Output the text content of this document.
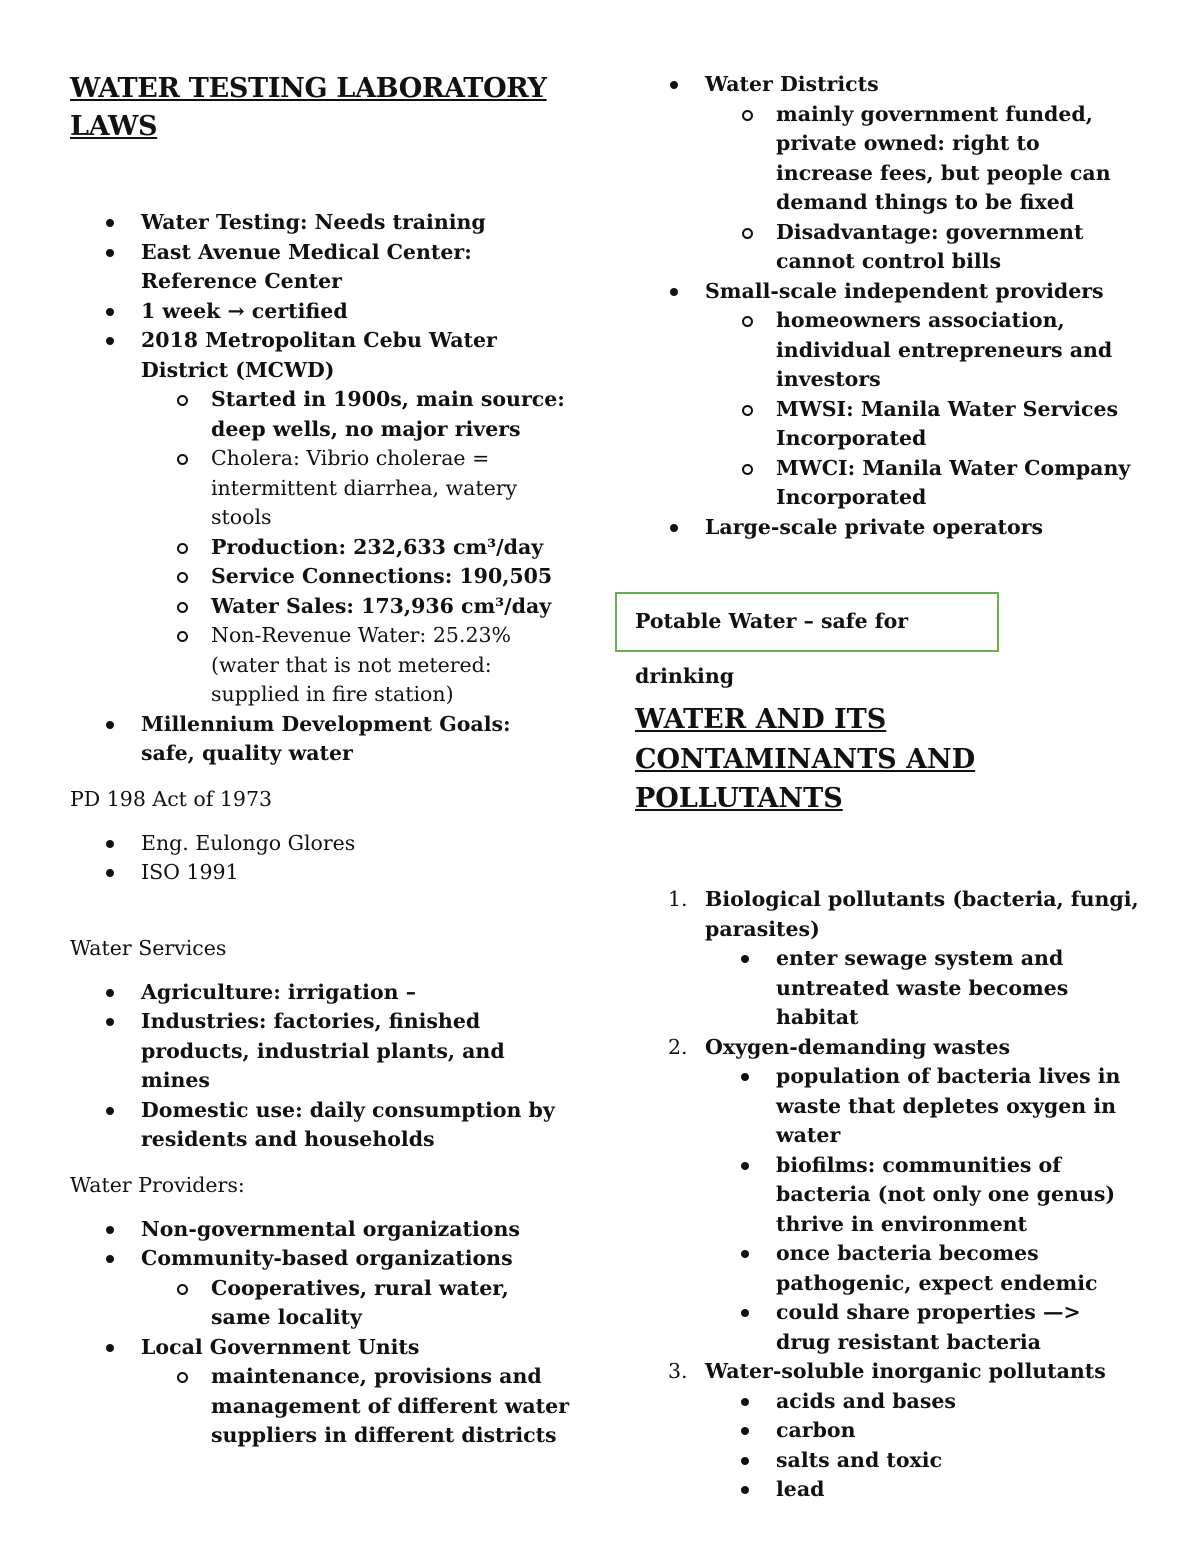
WATER TESTING LABORATORY LAWS
Water Testing: Needs training
East Avenue Medical Center: Reference Center
1 week → certified
2018 Metropolitan Cebu Water District (MCWD)
Started in 1900s, main source: deep wells, no major rivers
Cholera: Vibrio cholerae = intermittent diarrhea, watery stools
Production: 232,633 cm³/day
Service Connections: 190,505
Water Sales: 173,936 cm³/day
Non-Revenue Water: 25.23% (water that is not metered: supplied in fire station)
Millennium Development Goals: safe, quality water

PD 198 Act of 1973

Eng. Eulongo Glores
ISO 1991

Water Services

Agriculture: irrigation –
Industries: factories, finished products, industrial plants, and mines
Domestic use: daily consumption by residents and households

Water Providers:

Non-governmental organizations
Community-based organizations
Cooperatives, rural water, same locality
Local Government Units
maintenance, provisions and management of different water suppliers in different districts
Water Districts
mainly government funded, private owned: right to increase fees, but people can demand things to be fixed
Disadvantage: government cannot control bills
Small-scale independent providers
homeowners association, individual entrepreneurs and investors
MWSI: Manila Water Services Incorporated
MWCI: Manila Water Company Incorporated
Large-scale private operators
Potable Water – safe for drinking
WATER AND ITS CONTAMINANTS AND POLLUTANTS
1. Biological pollutants (bacteria, fungi, parasites)
enter sewage system and untreated waste becomes habitat
2. Oxygen-demanding wastes
population of bacteria lives in waste that depletes oxygen in water
biofilms: communities of bacteria (not only one genus) thrive in environment
once bacteria becomes pathogenic, expect endemic
could share properties —> drug resistant bacteria
3. Water-soluble inorganic pollutants
acids and bases
carbon
salts and toxic
lead
